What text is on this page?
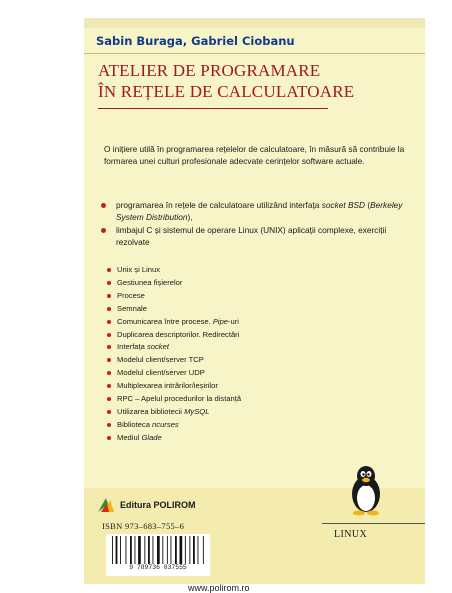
Sabin Buraga, Gabriel Ciobanu
ATELIER DE PROGRAMARE
ÎN REȚELE DE CALCULATOARE
O inițiere utilă în programarea rețelelor de calculatoare, în măsură să contribuie la formarea unei culturi profesionale adecvate cerințelor software actuale.
programarea în rețele de calculatoare utilizând interfața socket BSD (Berkeley System Distribution),
limbajul C și sistemul de operare Linux (UNIX) aplicații complexe, exerciții rezolvate
Unix și Linux
Gestiunea fișierelor
Procese
Semnale
Comunicarea între procese. Pipe-uri
Duplicarea descriptorilor. Redirectări
Interfața socket
Modelul client/server TCP
Modelul client/server UDP
Multiplexarea intrărilor/ieșirilor
RPC – Apelul procedurilor la distanță
Utilizarea bibliotecii MySQL
Biblioteca ncurses
Mediul Glade
Editura POLIROM
ISBN 973–683–755–6
9 789736 837555
LINUX
www.polirom.ro
